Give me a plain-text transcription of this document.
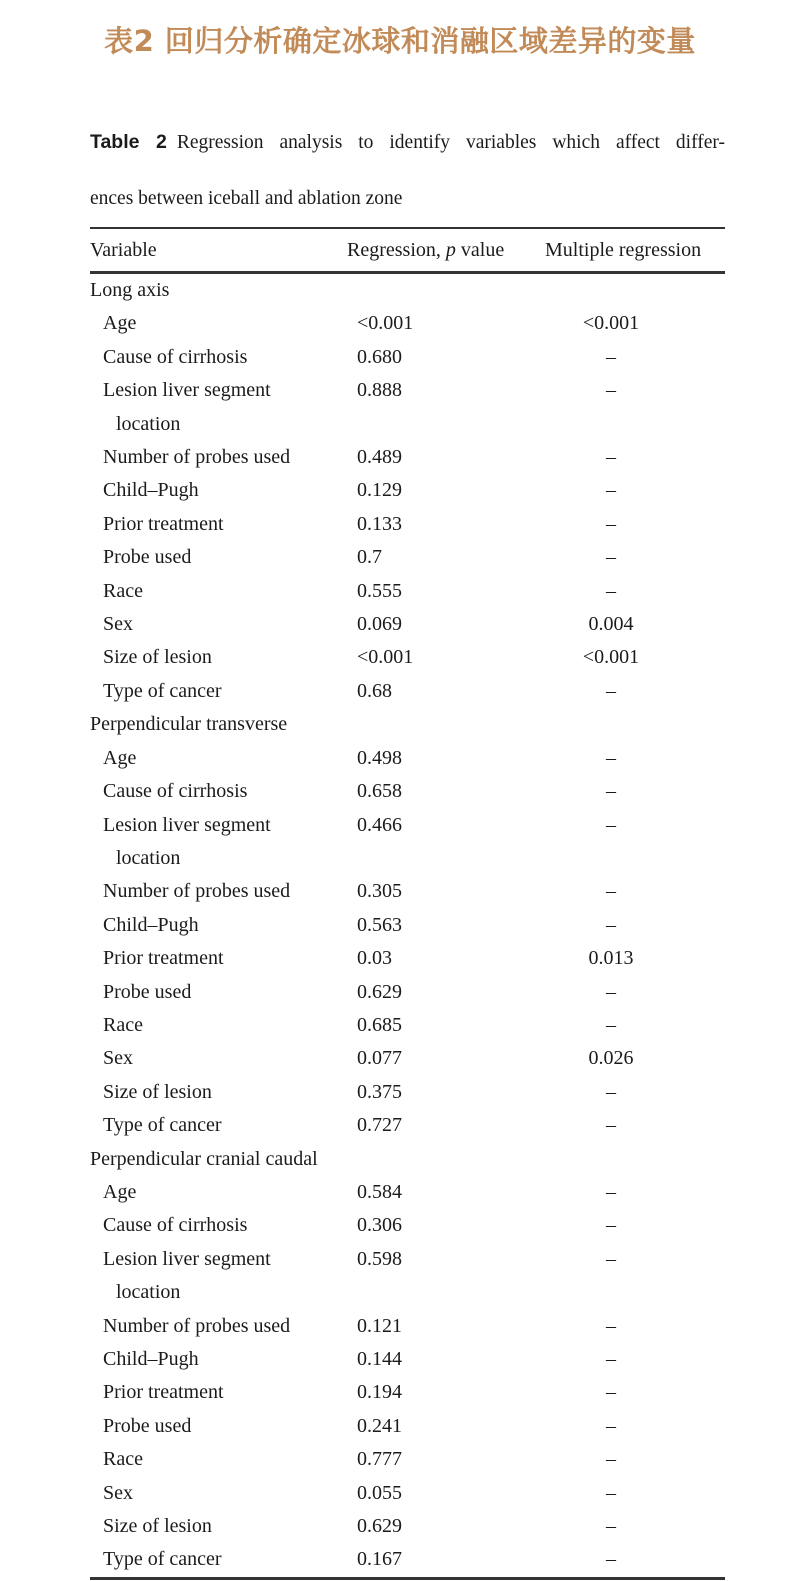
表2 回归分析确定冰球和消融区域差异的变量
Table 2 Regression analysis to identify variables which affect differ-
ences between iceball and ablation zone
Variable	Regression, p value	Multiple regression
Long axis		
Age	<0.001	<0.001
Cause of cirrhosis	0.680	–
Lesion liver segment
location	0.888	–
Number of probes used	0.489	–
Child–Pugh	0.129	–
Prior treatment	0.133	–
Probe used	0.7	–
Race	0.555	–
Sex	0.069	0.004
Size of lesion	<0.001	<0.001
Type of cancer	0.68	–
Perpendicular transverse		
Age	0.498	–
Cause of cirrhosis	0.658	–
Lesion liver segment
location	0.466	–
Number of probes used	0.305	–
Child–Pugh	0.563	–
Prior treatment	0.03	0.013
Probe used	0.629	–
Race	0.685	–
Sex	0.077	0.026
Size of lesion	0.375	–
Type of cancer	0.727	–
Perpendicular cranial caudal		
Age	0.584	–
Cause of cirrhosis	0.306	–
Lesion liver segment
location	0.598	–
Number of probes used	0.121	–
Child–Pugh	0.144	–
Prior treatment	0.194	–
Probe used	0.241	–
Race	0.777	–
Sex	0.055	–
Size of lesion	0.629	–
Type of cancer	0.167	–
